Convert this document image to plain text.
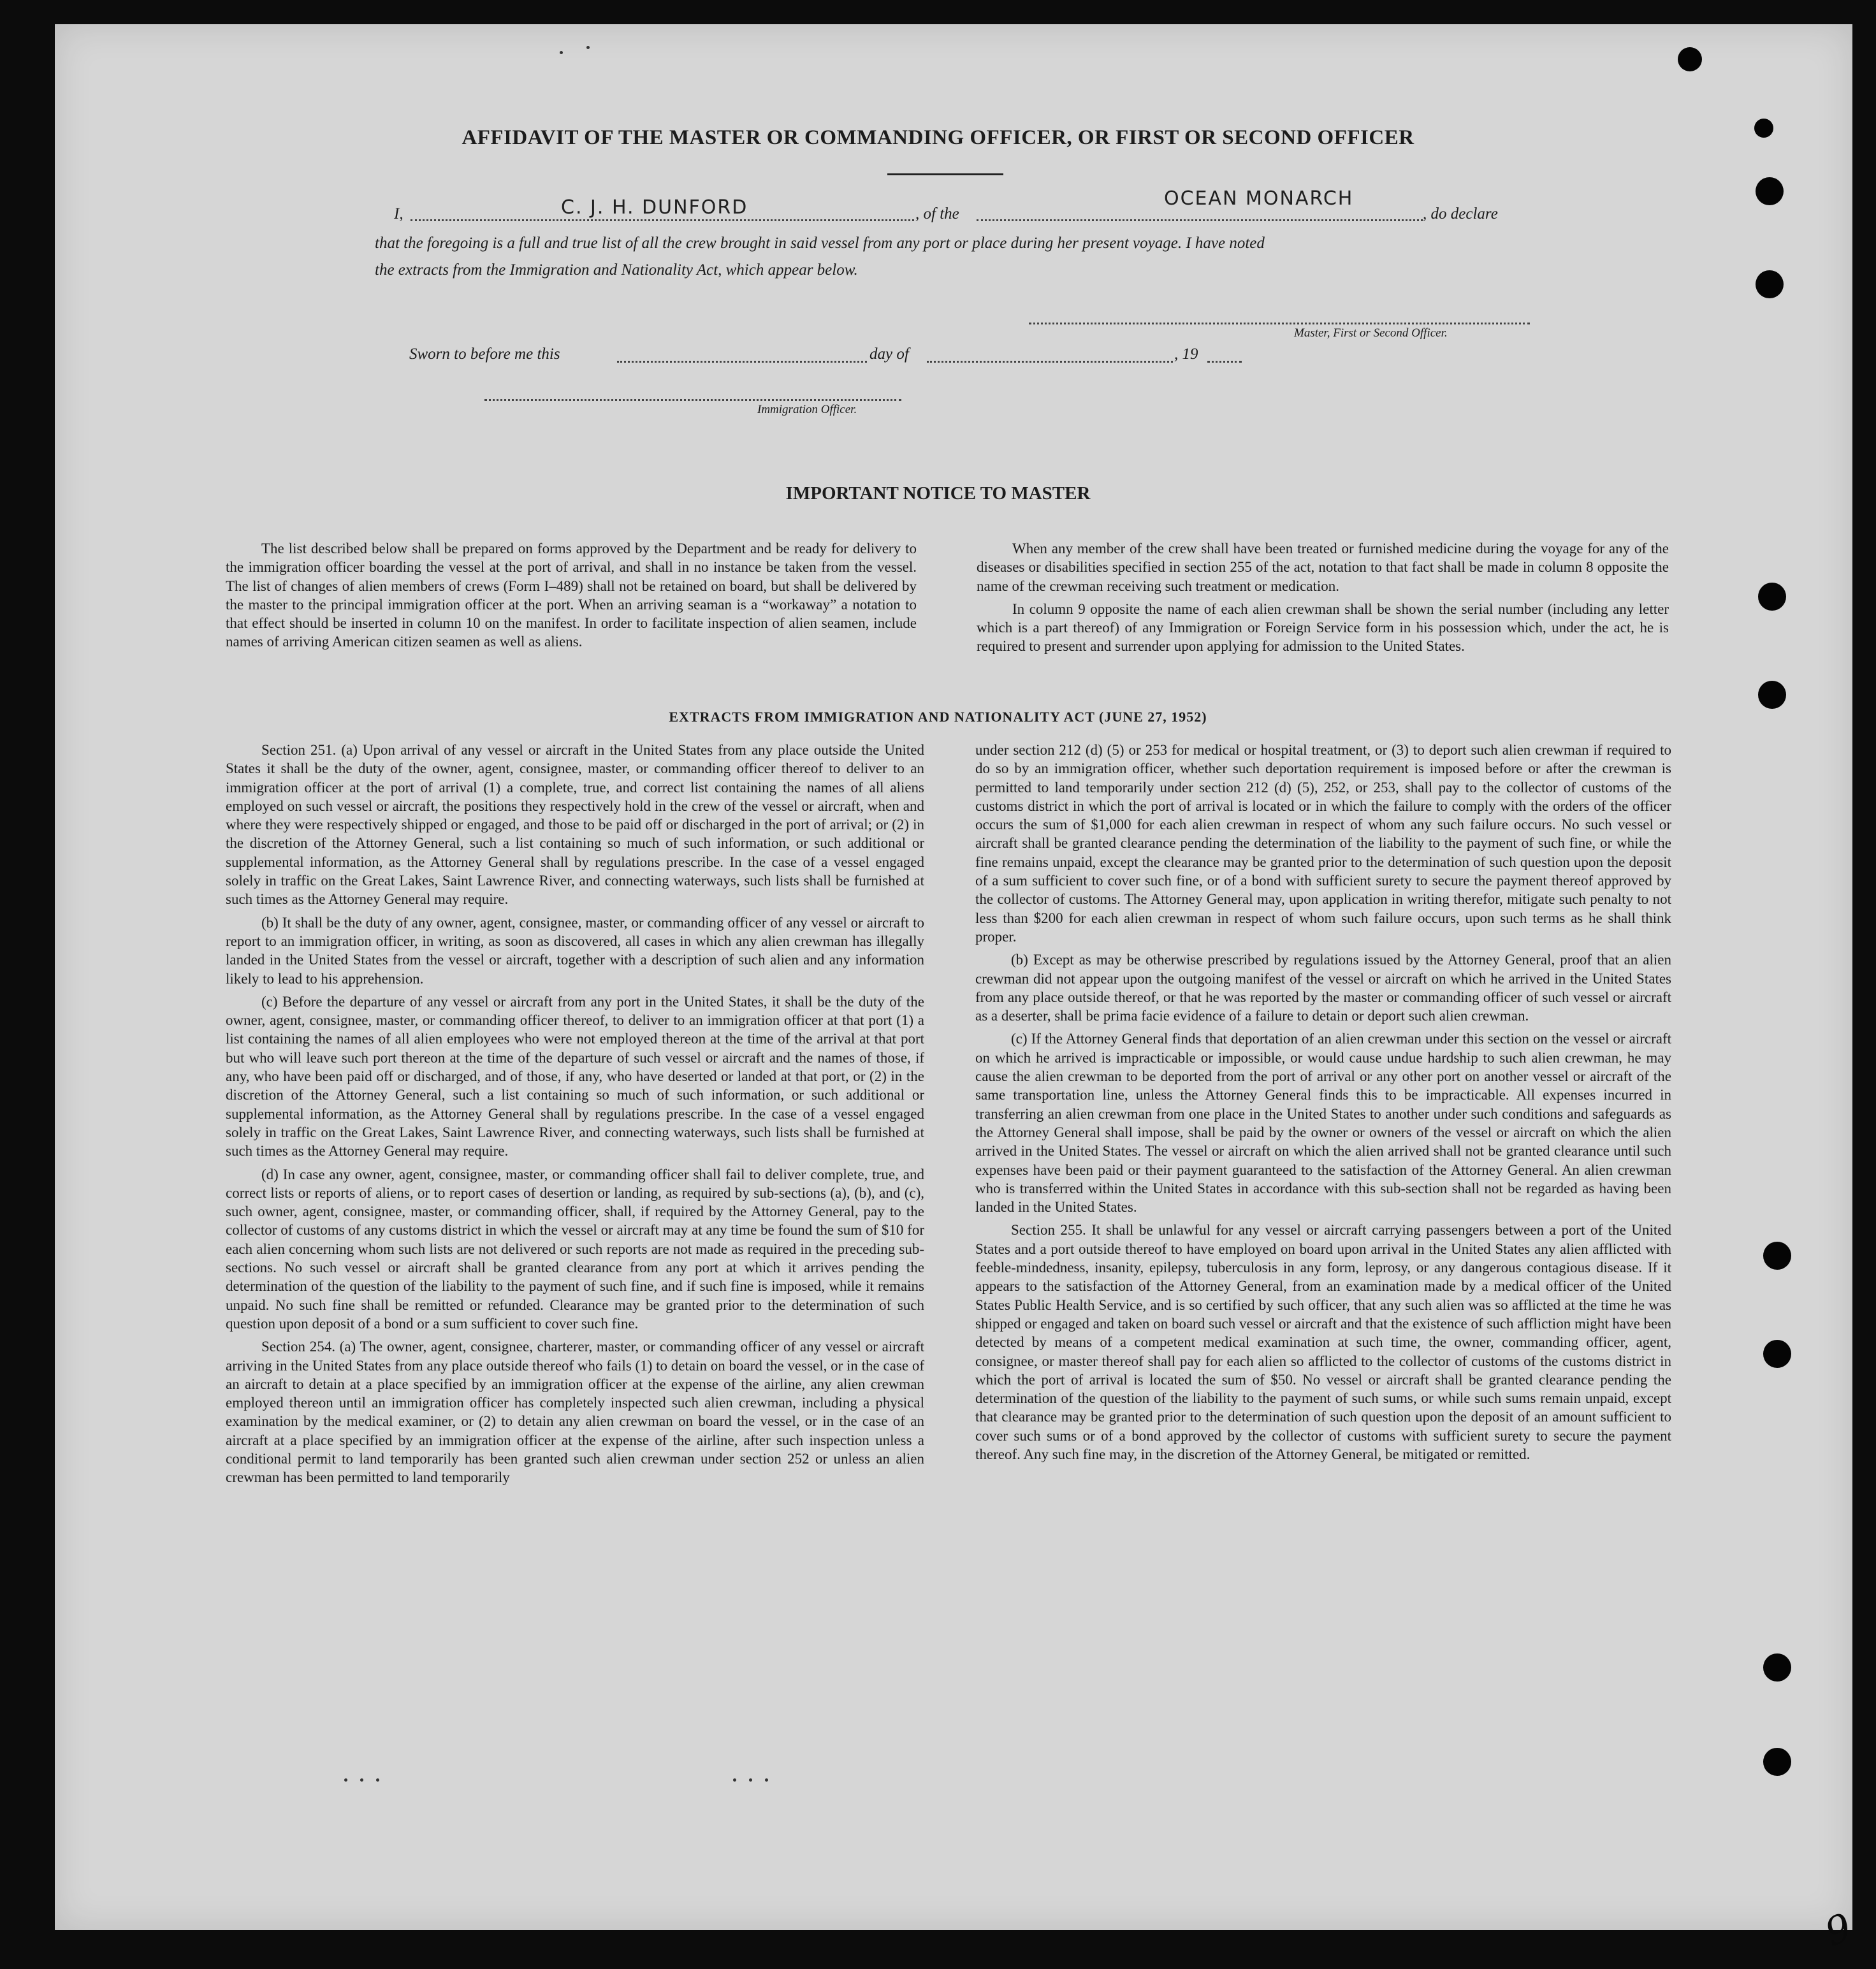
AFFIDAVIT OF THE MASTER OR COMMANDING OFFICER, OR FIRST OR SECOND OFFICER
I,	C. J. H. DUNFORD	, of the
OCEAN MONARCH
, do declare
that the foregoing is a full and true list of all the crew brought in said vessel from any port or place during her present voyage. I have noted
the extracts from the Immigration and Nationality Act, which appear below.
Master, First or Second Officer.
Sworn to before me this	day of	, 19
Immigration Officer.
IMPORTANT NOTICE TO MASTER

The list described below shall be prepared on forms approved by the Department and be ready for delivery to the immigration officer boarding the vessel at the port of arrival, and shall in no instance be taken from the vessel. The list of changes of alien members of crews (Form I–489) shall not be retained on board, but shall be delivered by the master to the principal immigration officer at the port. When an arriving seaman is a “workaway” a notation to that effect should be inserted in column 10 on the manifest. In order to facilitate inspection of alien seamen, include names of arriving American citizen seamen as well as aliens.

When any member of the crew shall have been treated or furnished medicine during the voyage for any of the diseases or disabilities specified in section 255 of the act, notation to that fact shall be made in column 8 opposite the name of the crewman receiving such treatment or medication.

In column 9 opposite the name of each alien crewman shall be shown the serial number (including any letter which is a part thereof) of any Immigration or Foreign Service form in his possession which, under the act, he is required to present and surrender upon applying for admission to the United States.

EXTRACTS FROM IMMIGRATION AND NATIONALITY ACT (JUNE 27, 1952)

Section 251. (a) Upon arrival of any vessel or aircraft in the United States from any place outside the United States it shall be the duty of the owner, agent, consignee, master, or commanding officer thereof to deliver to an immigration officer at the port of arrival (1) a complete, true, and correct list containing the names of all aliens employed on such vessel or aircraft, the positions they respectively hold in the crew of the vessel or aircraft, when and where they were respectively shipped or engaged, and those to be paid off or discharged in the port of arrival; or (2) in the discretion of the Attorney General, such a list containing so much of such information, or such additional or supplemental information, as the Attorney General shall by regulations prescribe. In the case of a vessel engaged solely in traffic on the Great Lakes, Saint Lawrence River, and connecting waterways, such lists shall be furnished at such times as the Attorney General may require.

(b) It shall be the duty of any owner, agent, consignee, master, or commanding officer of any vessel or aircraft to report to an immigration officer, in writing, as soon as discovered, all cases in which any alien crewman has illegally landed in the United States from the vessel or aircraft, together with a description of such alien and any information likely to lead to his apprehension.

(c) Before the departure of any vessel or aircraft from any port in the United States, it shall be the duty of the owner, agent, consignee, master, or commanding officer thereof, to deliver to an immigration officer at that port (1) a list containing the names of all alien employees who were not employed thereon at the time of the arrival at that port but who will leave such port thereon at the time of the departure of such vessel or aircraft and the names of those, if any, who have been paid off or discharged, and of those, if any, who have deserted or landed at that port, or (2) in the discretion of the Attorney General, such a list containing so much of such information, or such additional or supplemental information, as the Attorney General shall by regulations prescribe. In the case of a vessel engaged solely in traffic on the Great Lakes, Saint Lawrence River, and connecting waterways, such lists shall be furnished at such times as the Attorney General may require.

(d) In case any owner, agent, consignee, master, or commanding officer shall fail to deliver complete, true, and correct lists or reports of aliens, or to report cases of desertion or landing, as required by sub-sections (a), (b), and (c), such owner, agent, consignee, master, or commanding officer, shall, if required by the Attorney General, pay to the collector of customs of any customs district in which the vessel or aircraft may at any time be found the sum of $10 for each alien concerning whom such lists are not delivered or such reports are not made as required in the preceding sub-sections. No such vessel or aircraft shall be granted clearance from any port at which it arrives pending the determination of the question of the liability to the payment of such fine, and if such fine is imposed, while it remains unpaid. No such fine shall be remitted or refunded. Clearance may be granted prior to the determination of such question upon deposit of a bond or a sum sufficient to cover such fine.

Section 254. (a) The owner, agent, consignee, charterer, master, or commanding officer of any vessel or aircraft arriving in the United States from any place outside thereof who fails (1) to detain on board the vessel, or in the case of an aircraft to detain at a place specified by an immigration officer at the expense of the airline, any alien crewman employed thereon until an immigration officer has completely inspected such alien crewman, including a physical examination by the medical examiner, or (2) to detain any alien crewman on board the vessel, or in the case of an aircraft at a place specified by an immigration officer at the expense of the airline, after such inspection unless a conditional permit to land temporarily has been granted such alien crewman under section 252 or unless an alien crewman has been permitted to land temporarily

under section 212 (d) (5) or 253 for medical or hospital treatment, or (3) to deport such alien crewman if required to do so by an immigration officer, whether such deportation requirement is imposed before or after the crewman is permitted to land temporarily under section 212 (d) (5), 252, or 253, shall pay to the collector of customs of the customs district in which the port of arrival is located or in which the failure to comply with the orders of the officer occurs the sum of $1,000 for each alien crewman in respect of whom any such failure occurs. No such vessel or aircraft shall be granted clearance pending the determination of the liability to the payment of such fine, or while the fine remains unpaid, except the clearance may be granted prior to the determination of such question upon the deposit of a sum sufficient to cover such fine, or of a bond with sufficient surety to secure the payment thereof approved by the collector of customs. The Attorney General may, upon application in writing therefor, mitigate such penalty to not less than $200 for each alien crewman in respect of whom such failure occurs, upon such terms as he shall think proper.

(b) Except as may be otherwise prescribed by regulations issued by the Attorney General, proof that an alien crewman did not appear upon the outgoing manifest of the vessel or aircraft on which he arrived in the United States from any place outside thereof, or that he was reported by the master or commanding officer of such vessel or aircraft as a deserter, shall be prima facie evidence of a failure to detain or deport such alien crewman.

(c) If the Attorney General finds that deportation of an alien crewman under this section on the vessel or aircraft on which he arrived is impracticable or impossible, or would cause undue hardship to such alien crewman, he may cause the alien crewman to be deported from the port of arrival or any other port on another vessel or aircraft of the same transportation line, unless the Attorney General finds this to be impracticable. All expenses incurred in transferring an alien crewman from one place in the United States to another under such conditions and safeguards as the Attorney General shall impose, shall be paid by the owner or owners of the vessel or aircraft on which the alien arrived in the United States. The vessel or aircraft on which the alien arrived shall not be granted clearance until such expenses have been paid or their payment guaranteed to the satisfaction of the Attorney General. An alien crewman who is transferred within the United States in accordance with this sub-section shall not be regarded as having been landed in the United States.

Section 255. It shall be unlawful for any vessel or aircraft carrying passengers between a port of the United States and a port outside thereof to have employed on board upon arrival in the United States any alien afflicted with feeble-mindedness, insanity, epilepsy, tuberculosis in any form, leprosy, or any dangerous contagious disease. If it appears to the satisfaction of the Attorney General, from an examination made by a medical officer of the United States Public Health Service, and is so certified by such officer, that any such alien was so afflicted at the time he was shipped or engaged and taken on board such vessel or aircraft and that the existence of such affliction might have been detected by means of a competent medical examination at such time, the owner, commanding officer, agent, consignee, or master thereof shall pay for each alien so afflicted to the collector of customs of the customs district in which the port of arrival is located the sum of $50. No vessel or aircraft shall be granted clearance pending the determination of the question of the liability to the payment of such sums, or while such sums remain unpaid, except that clearance may be granted prior to the determination of such question upon the deposit of an amount sufficient to cover such sums or of a bond approved by the collector of customs with sufficient surety to secure the payment thereof. Any such fine may, in the discretion of the Attorney General, be mitigated or remitted.

9
